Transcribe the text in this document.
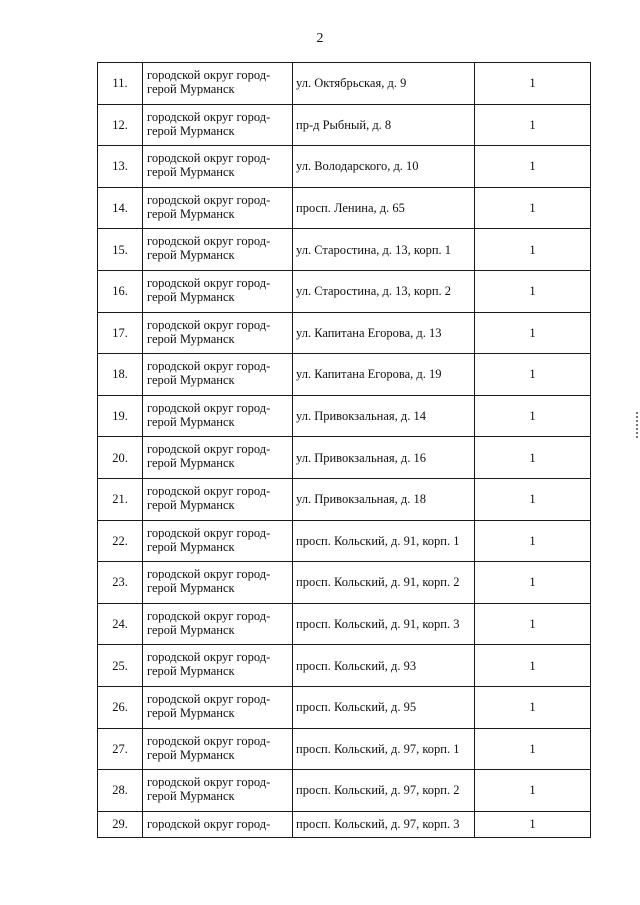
2
11.	городской округ город-
герой Мурманск	ул. Октябрьская, д. 9	1
12.	городской округ город-
герой Мурманск	пр-д Рыбный, д. 8	1
13.	городской округ город-
герой Мурманск	ул. Володарского, д. 10	1
14.	городской округ город-
герой Мурманск	просп. Ленина, д. 65	1
15.	городской округ город-
герой Мурманск	ул. Старостина, д. 13, корп. 1	1
16.	городской округ город-
герой Мурманск	ул. Старостина, д. 13, корп. 2	1
17.	городской округ город-
герой Мурманск	ул. Капитана Егорова, д. 13	1
18.	городской округ город-
герой Мурманск	ул. Капитана Егорова, д. 19	1
19.	городской округ город-
герой Мурманск	ул. Привокзальная, д. 14	1
20.	городской округ город-
герой Мурманск	ул. Привокзальная, д. 16	1
21.	городской округ город-
герой Мурманск	ул. Привокзальная, д. 18	1
22.	городской округ город-
герой Мурманск	просп. Кольский, д. 91, корп. 1	1
23.	городской округ город-
герой Мурманск	просп. Кольский, д. 91, корп. 2	1
24.	городской округ город-
герой Мурманск	просп. Кольский, д. 91, корп. 3	1
25.	городской округ город-
герой Мурманск	просп. Кольский, д. 93	1
26.	городской округ город-
герой Мурманск	просп. Кольский, д. 95	1
27.	городской округ город-
герой Мурманск	просп. Кольский, д. 97, корп. 1	1
28.	городской округ город-
герой Мурманск	просп. Кольский, д. 97, корп. 2	1
29.	городской округ город-	просп. Кольский, д. 97, корп. 3	1
